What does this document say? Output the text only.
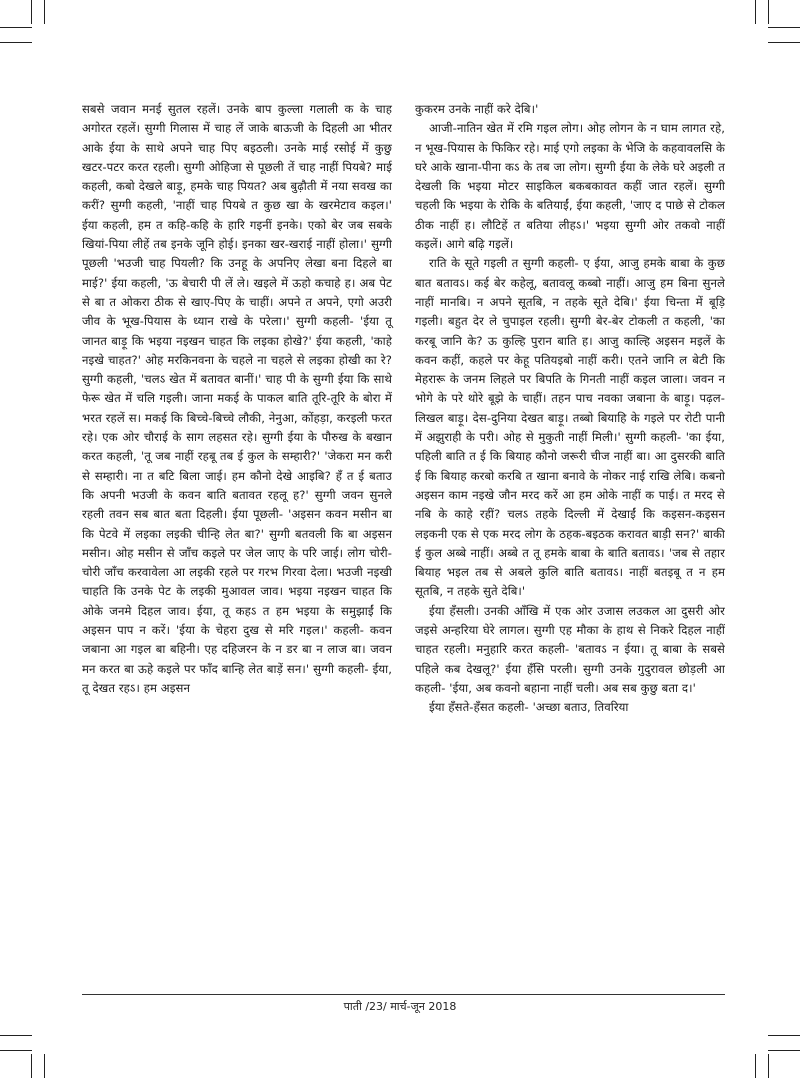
सबसे जवान मनई सुतल रहलें। उनके बाप कुल्ला गलाली क के चाह अगोरत रहलें। सुग्गी गिलास में चाह लें जाके बाऊजी के दिहली आ भीतर आके ईया के साथे अपने चाह पिए बइठली। उनके माई रसोई में कुछु खटर-पटर करत रहली। सुग्गी ओहिजा से पूछली तें चाह नाहीं पियबे? माई कहली, कबो देखले बाड़ू, हमके चाह पियत? अब बुढ़ौती में नया सवख का करीं? सुग्गी कहली, 'नाहीं चाह पियबे त कुछ खा के खरमेटाव कइल।' ईया कहली, हम त कहि-कहि के हारि गइनीं इनके। एको बेर जब सबके खियां-पिया लीहें तब इनके जूनि होई। इनका खर-खराई नाहीं होला।' सुग्गी पूछली 'भउजी चाह पियली? कि उनहू के अपनिए लेखा बना दिहले बा माई?' ईया कहली, 'ऊ बेचारी पी लें ले। खइले में ऊहो कचाहे ह। अब पेट से बा त ओकरा ठीक से खाए-पिए के चाहीं। अपने त अपने, एगो अउरी जीव के भूख-पियास के ध्यान राखे के परेला।' सुग्गी कहली- 'ईया तू जानत बाड़ू कि भइया नइखन चाहत कि लइका होखे?' ईया कहली, 'काहे नइखे चाहत?' ओह मरकिनवना के चहले ना चहले से लइका होखी का रे? सुग्गी कहली, 'चलऽ खेत में बतावत बानीं।' चाह पी के सुग्गी ईया कि साथे फेरू खेत में चलि गइली। जाना मकई के पाकल बाति तूरि-तूरि के बोरा में भरत रहलें स। मकई कि बिच्चे-बिच्चे लौकी, नेनुआ, कोंहड़ा, करइली फरत रहे। एक ओर चौराई के साग लहसत रहे। सुग्गी ईया के पौरुख के बखान करत कहली, 'तू जब नाहीं रहबू तब ई कुल के सम्हारी?' 'जेकरा मन करी से सम्हारी। ना त बटि बिला जाई। हम कौनो देखे आइबि? हँ त ई बताउ कि अपनी भउजी के कवन बाति बतावत रहलू ह?' सुग्गी जवन सुनले रहली तवन सब बात बता दिहली। ईया पूछली- 'अइसन कवन मसीन बा कि पेटवे में लइका लइकी चीन्हि लेत बा?' सुग्गी बतवली कि बा अइसन मसीन। ओह मसीन से जाँच कइले पर जेल जाए के परि जाई। लोग चोरी-चोरी जाँच करवावेला आ लइकी रहले पर गरभ गिरवा देला। भउजी नइखी चाहति कि उनके पेट के लइकी मुआवल जाव। भइया नइखन चाहत कि ओके जनमे दिहल जाव। ईया, तू कहऽ त हम भइया के समुझाईं कि अइसन पाप न करें। 'ईया के चेहरा दुख से मरि गइल।' कहली- कवन जबाना आ गइल बा बहिनी। एह दहिजरन के न डर बा न लाज बा। जवन मन करत बा ऊहे कइले पर फाँद बान्हि लेत बाड़ें सन।' सुग्गी कहली- ईया, तू देखत रहऽ। हम अइसन

कुकरम उनके नाहीं करे देबि।'

आजी-नातिन खेत में रमि गइल लोग। ओह लोगन के न घाम लागत रहे, न भूख-पियास के फिकिर रहे। माई एगो लइका के भेजि के कहवावलसि के घरे आके खाना-पीना कऽ के तब जा लोग। सुग्गी ईया के लेके घरे अइली त देखली कि भइया मोटर साइकिल बकबकावत कहीं जात रहलें। सुग्गी चहली कि भइया के रोकि के बतियाईं, ईया कहली, 'जाए द पाछे से टोकल ठीक नाहीं ह। लौटिहें त बतिया लीहऽ।' भइया सुग्गी ओर तकवो नाहीं कइलें। आगे बढ़ि गइलें।

राति के सूते गइली त सुग्गी कहली- ए ईया, आजु हमके बाबा के कुछ बात बतावऽ। कई बेर कहेलू, बतावलू कब्बो नाहीं। आजु हम बिना सुनले नाहीं मानबि। न अपने सूतबि, न तहके सूते देबि।' ईया चिन्ता में बूड़ि गइली। बहुत देर ले चुपाइल रहली। सुग्गी बेर-बेर टोकली त कहली, 'का करबू जानि के? ऊ कुल्हि पुरान बाति ह। आजु काल्हि अइसन मइलें के कवन कहीं, कहले पर केहू पतियइबो नाहीं करी। एतने जानि ल बेटी कि मेहरारू के जनम लिहले पर बिपति के गिनती नाहीं कइल जाला। जवन न भोगे के परे थोरे बूझे के चाहीं। तहन पाच नवका जबाना के बाड़ू। पढ़ल-लिखल बाड़ू। देस-दुनिया देखत बाड़ू। तब्बो बियाहि के गइले पर रोटी पानी में अझुराही के परी। ओह से मुकुती नाहीं मिली।' सुग्गी कहली- 'का ईया, पहिली बाति त ई कि बियाह कौनो जरूरी चीज नाहीं बा। आ दुसरकी बाति ई कि बियाह करबो करबि त खाना बनावे के नोकर नाई राखि लेबि। कबनो अइसन काम नइखे जौन मरद करें आ हम ओके नाहीं क पाई। त मरद से नबि के काहे रहीं? चलऽ तहके दिल्ली में देखाईं कि कइसन-कइसन लइकनी एक से एक मरद लोग के ठहक-बइठक करावत बाड़ी सन?' बाकी ई कुल अब्बे नाहीं। अब्बे त तू हमके बाबा के बाति बतावऽ। 'जब से तहार बियाह भइल तब से अबले कुलि बाति बतावऽ। नाहीं बतइबू त न हम सूतबि, न तहके सुते देबि।'

ईया हँसली। उनकी आँखि में एक ओर उजास लउकल आ दुसरी ओर जइसे अन्हरिया घेरे लागल। सुग्गी एह मौका के हाथ से निकरे दिहल नाहीं चाहत रहली। मनुहारि करत कहली- 'बतावऽ न ईया। तू बाबा के सबसे पहिले कब देखलू?' ईया हँसि परली। सुग्गी उनके गुदुरावल छोड़ली आ कहली- 'ईया, अब कवनो बहाना नाहीं चली। अब सब कुछु बता द।'

ईया हँसते-हँसत कहली- 'अच्छा बताउ, तिवरिया

पाती /23/ मार्च-जून 2018
